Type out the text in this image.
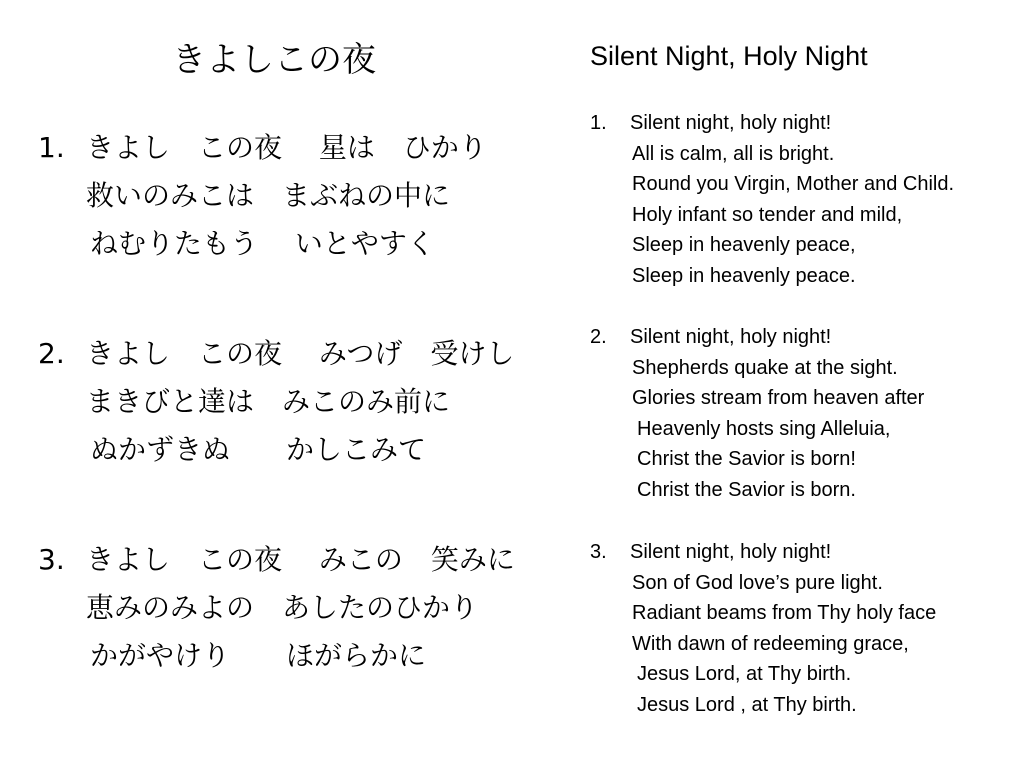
きよしこの夜
1. きよし　この夜　 星は　ひかり
救いのみこは　まぶねの中に
ねむりたもう　 いとやすく
2. きよし　この夜　 みつげ　受けし
まきびと達は　みこのみ前に
ぬかずきぬ　　かしこみて
3. きよし　この夜　 みこの　笑みに
恵みのみよの　あしたのひかり
かがやけり　　ほがらかに
Silent Night, Holy Night
1. Silent night, holy night!
All is calm, all is bright.
Round you Virgin, Mother and Child.
Holy infant so tender and mild,
Sleep in heavenly peace,
Sleep in heavenly peace.
2. Silent night, holy night!
Shepherds quake at the sight.
Glories stream from heaven after
Heavenly hosts sing Alleluia,
Christ the Savior is born!
Christ the Savior is born.
3. Silent night, holy night!
Son of God love’s pure light.
Radiant beams from Thy holy face
With dawn of redeeming grace,
Jesus Lord, at Thy birth.
Jesus Lord , at Thy birth.
